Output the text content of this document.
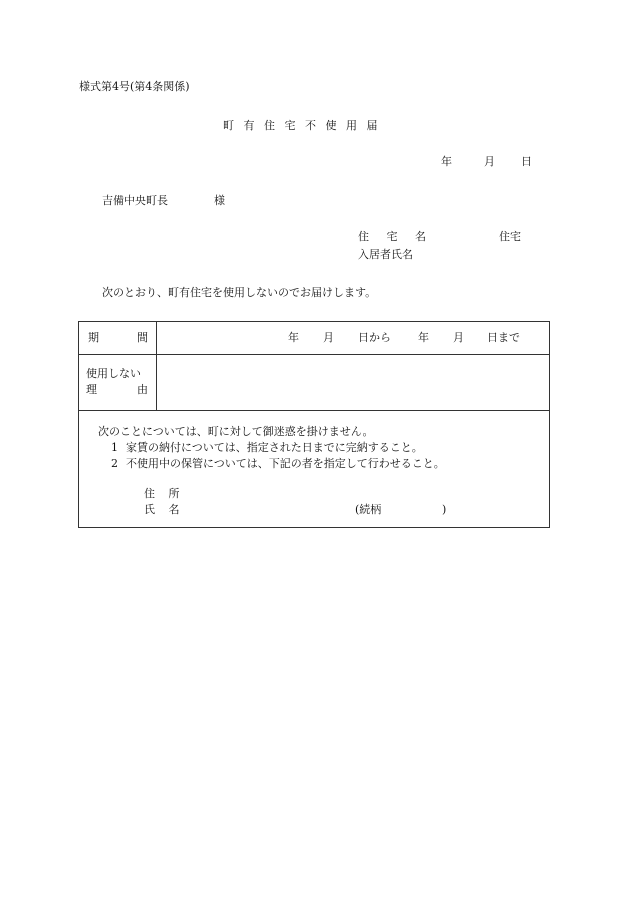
様式第4号(第4条関係)
町有住宅不使用届
年	月 日
吉備中央町長	様
住 宅 名	住宅
入居者氏名
次のとおり、町有住宅を使用しないのでお届けします。
期	間	年 月 日から 年 月 日まで
使用しない
理	由
次のことについては、町に対して御迷惑を掛けません。
1 家賃の納付については、指定された日までに完納すること。
2 不使用中の保管については、下記の者を指定して行わせること。
住 所
氏 名	(続柄	)
